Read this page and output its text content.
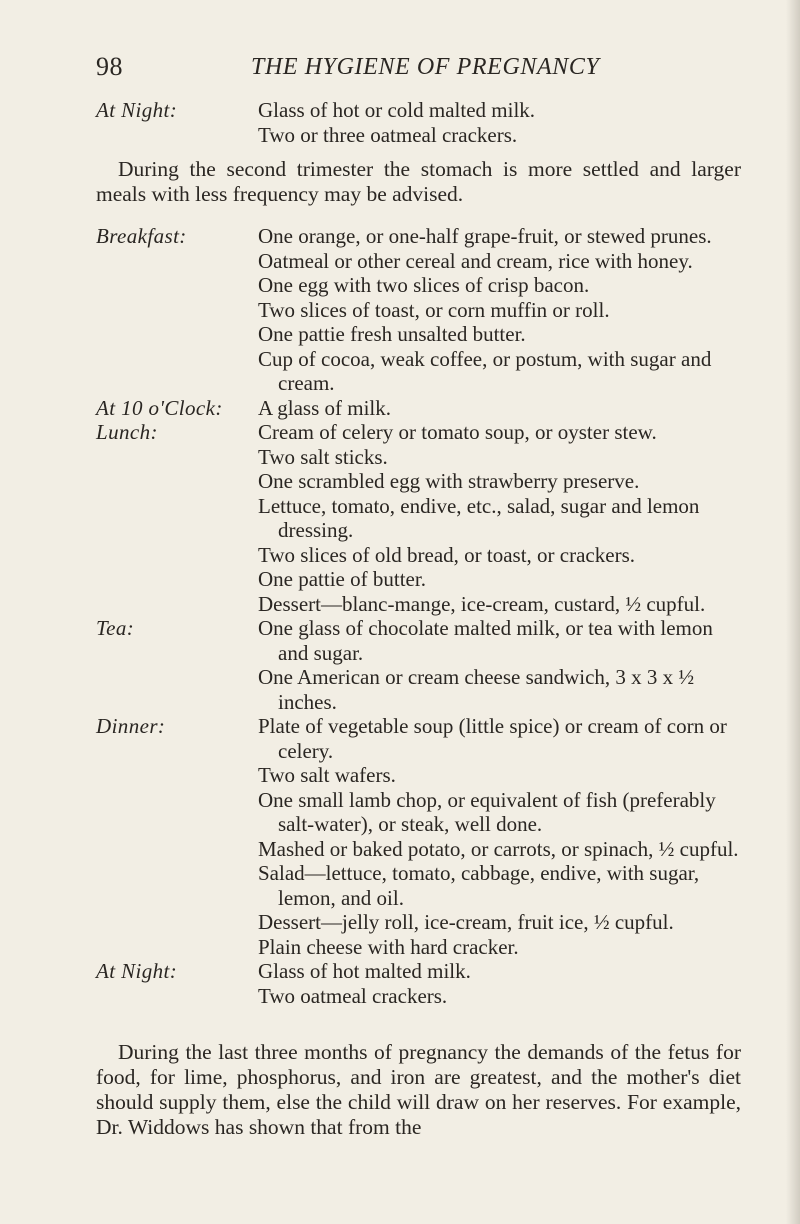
98	THE HYGIENE OF PREGNANCY
At Night:	Glass of hot or cold malted milk.
Two or three oatmeal crackers.

During the second trimester the stomach is more settled and larger meals with less frequency may be advised.

Breakfast:	One orange, or one-half grape-fruit, or stewed prunes.
Oatmeal or other cereal and cream, rice with honey.
One egg with two slices of crisp bacon.
Two slices of toast, or corn muffin or roll.
One pattie fresh unsalted butter.
Cup of cocoa, weak coffee, or postum, with sugar and cream.
At 10 o'Clock:	A glass of milk.
Lunch:	Cream of celery or tomato soup, or oyster stew.
Two salt sticks.
One scrambled egg with strawberry preserve.
Lettuce, tomato, endive, etc., salad, sugar and lemon dressing.
Two slices of old bread, or toast, or crackers.
One pattie of butter.
Dessert—blanc-mange, ice-cream, custard, ½ cupful.
Tea:	One glass of chocolate malted milk, or tea with lemon and sugar.
One American or cream cheese sandwich, 3 x 3 x ½ inches.
Dinner:	Plate of vegetable soup (little spice) or cream of corn or celery.
Two salt wafers.
One small lamb chop, or equivalent of fish (preferably salt-water), or steak, well done.
Mashed or baked potato, or carrots, or spinach, ½ cupful.
Salad—lettuce, tomato, cabbage, endive, with sugar, lemon, and oil.
Dessert—jelly roll, ice-cream, fruit ice, ½ cupful.
Plain cheese with hard cracker.
At Night:	Glass of hot malted milk.
Two oatmeal crackers.

During the last three months of pregnancy the demands of the fetus for food, for lime, phosphorus, and iron are greatest, and the mother's diet should supply them, else the child will draw on her reserves. For example, Dr. Widdows has shown that from the
